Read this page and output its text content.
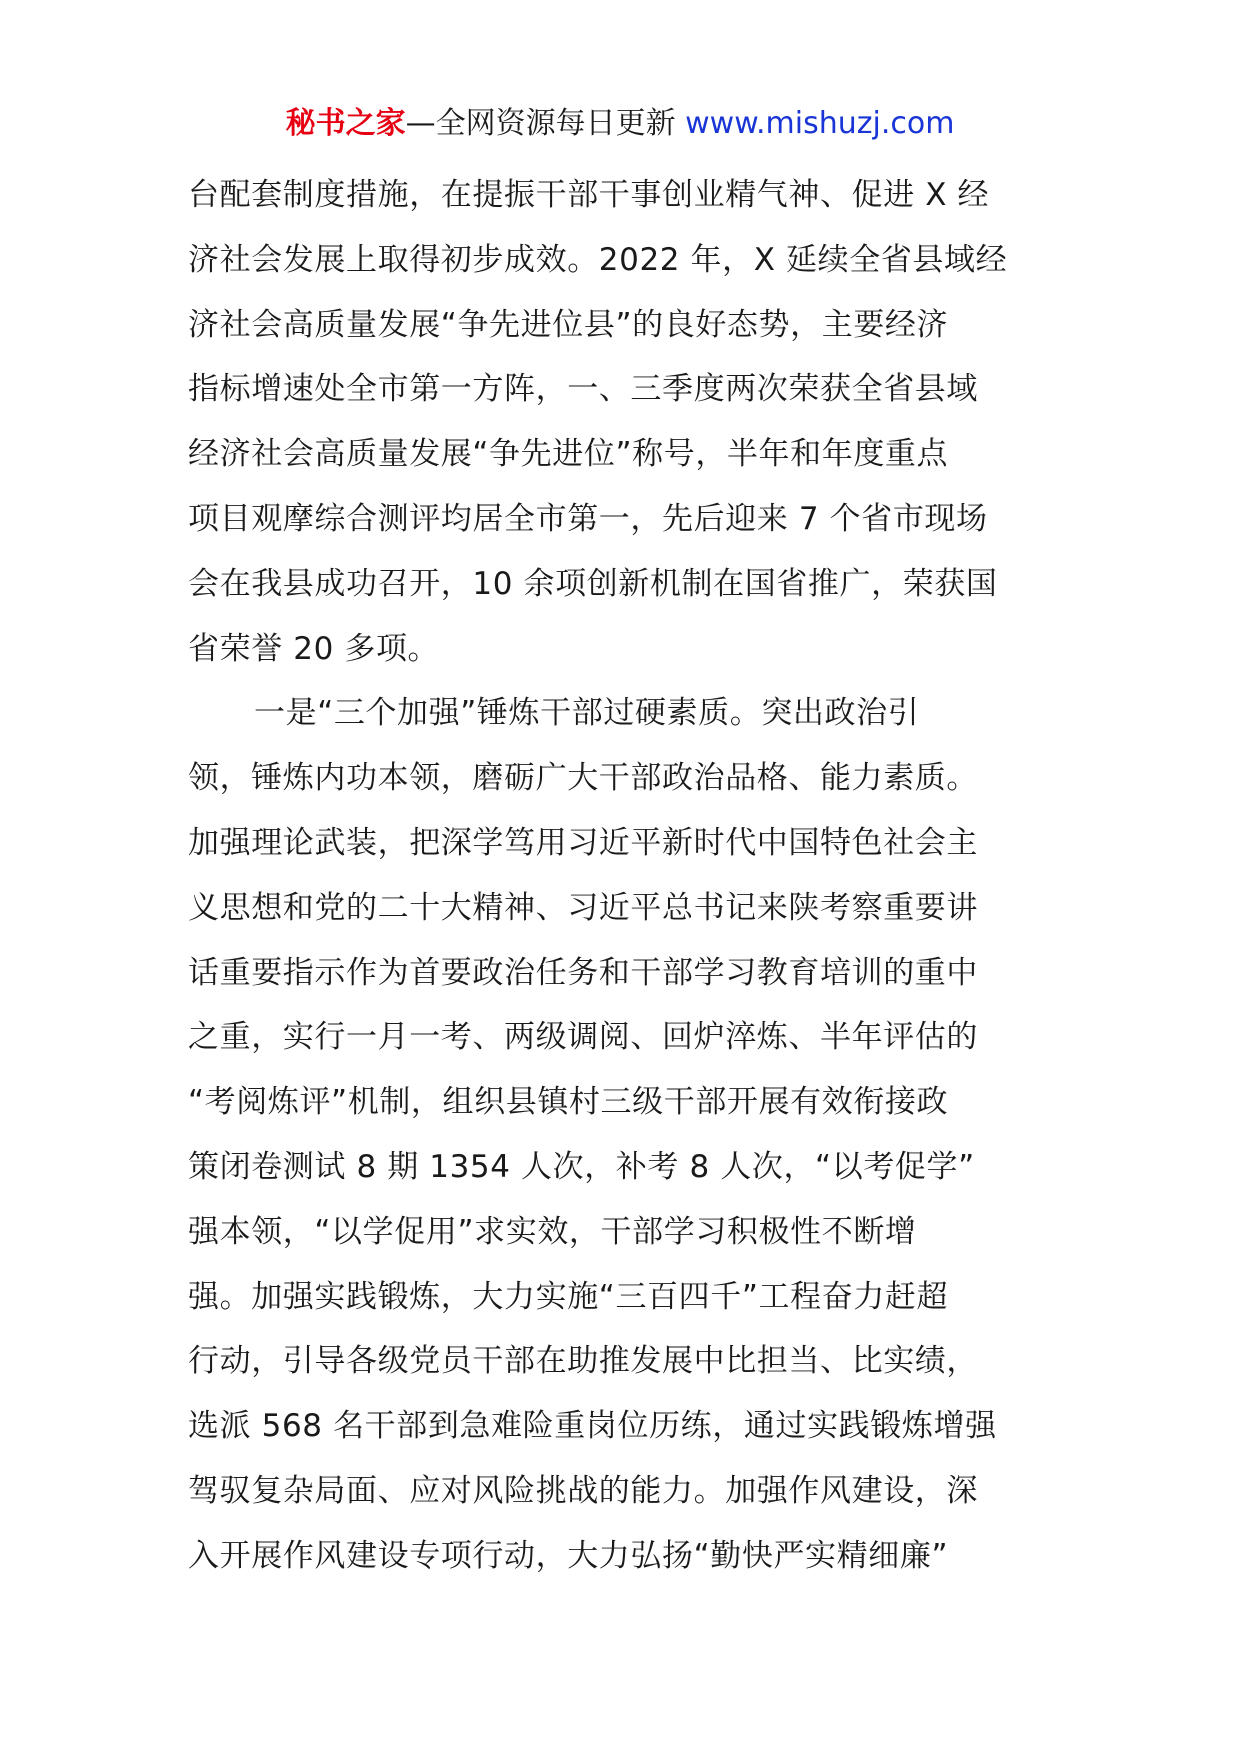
秘书之家—全网资源每日更新 www.mishuzj.com
台配套制度措施，在提振干部干事创业精气神、促进 X 经
济社会发展上取得初步成效。2022 年，X 延续全省县域经
济社会高质量发展“争先进位县”的良好态势，主要经济
指标增速处全市第一方阵，一、三季度两次荣获全省县域
经济社会高质量发展“争先进位”称号，半年和年度重点
项目观摩综合测评均居全市第一，先后迎来 7 个省市现场
会在我县成功召开，10 余项创新机制在国省推广，荣获国
省荣誉 20 多项。
一是“三个加强”锤炼干部过硬素质。突出政治引
领，锤炼内功本领，磨砺广大干部政治品格、能力素质。
加强理论武装，把深学笃用习近平新时代中国特色社会主
义思想和党的二十大精神、习近平总书记来陕考察重要讲
话重要指示作为首要政治任务和干部学习教育培训的重中
之重，实行一月一考、两级调阅、回炉淬炼、半年评估的
“考阅炼评”机制，组织县镇村三级干部开展有效衔接政
策闭卷测试 8 期 1354 人次，补考 8 人次，“以考促学”
强本领，“以学促用”求实效，干部学习积极性不断增
强。加强实践锻炼，大力实施“三百四千”工程奋力赶超
行动，引导各级党员干部在助推发展中比担当、比实绩，
选派 568 名干部到急难险重岗位历练，通过实践锻炼增强
驾驭复杂局面、应对风险挑战的能力。加强作风建设，深
入开展作风建设专项行动，大力弘扬“勤快严实精细廉”
